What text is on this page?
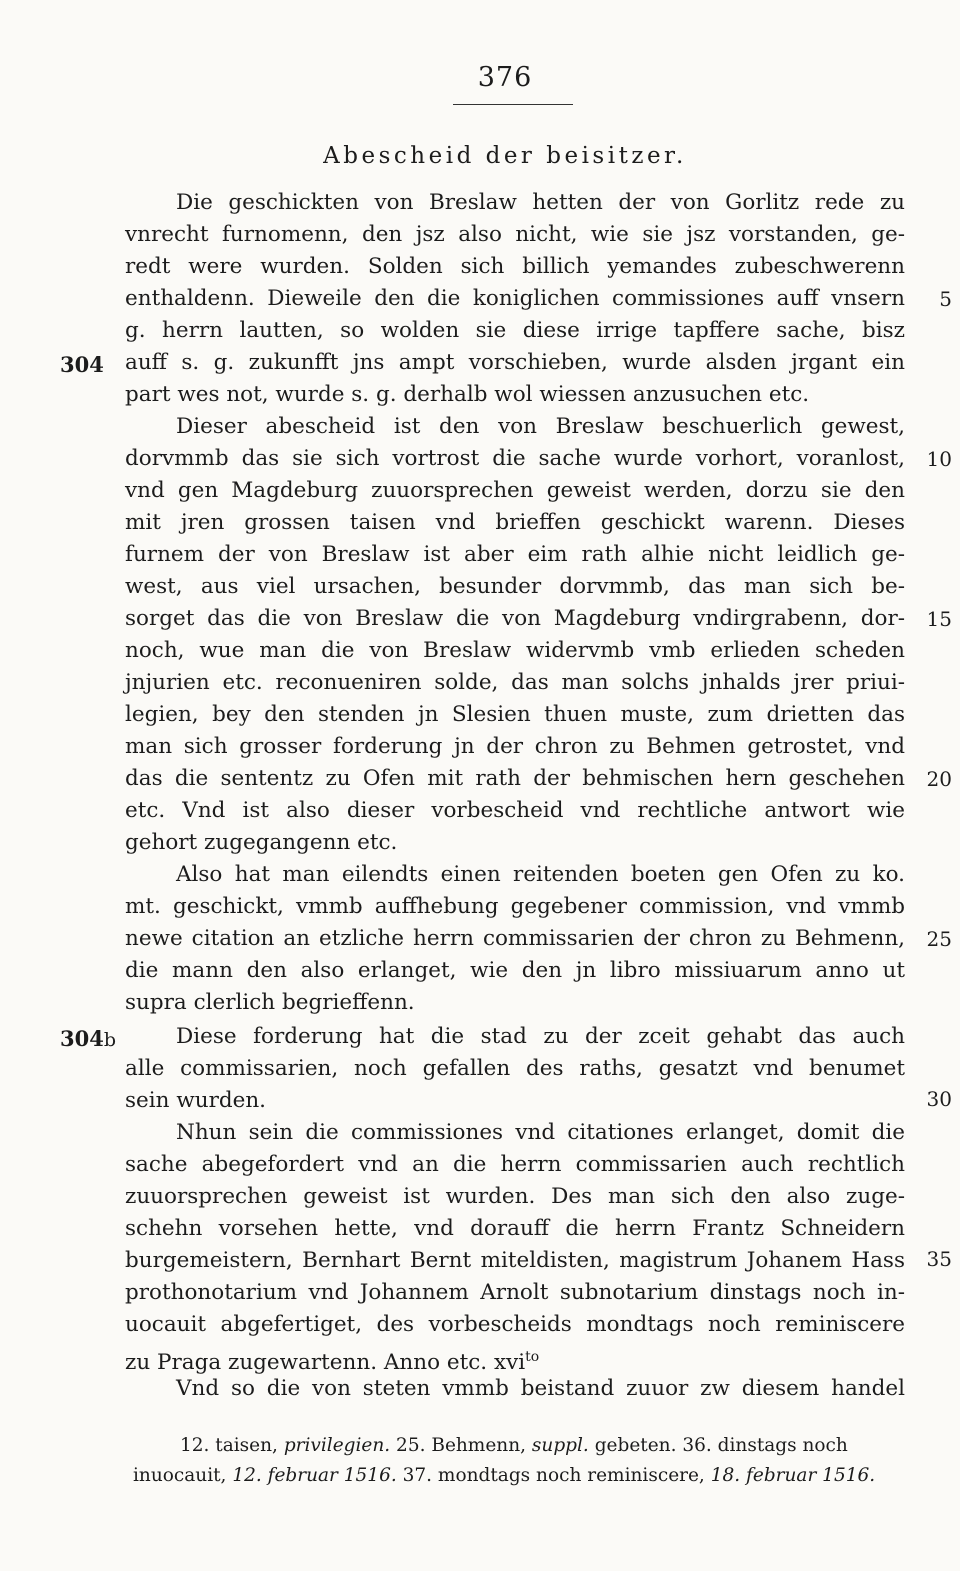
376
Abescheid der beisitzer.
Die geschickten von Breslaw hetten der von Gorlitz rede zu
vnrecht furnomenn, den jsz also nicht, wie sie jsz vorstanden, ge-
redt were wurden. Solden sich billich yemandes zubeschwerenn
enthaldenn. Dieweile den die koniglichen commissiones auff vnsern
g. herrn lautten, so wolden sie diese irrige tapffere sache, bisz
auff s. g. zukunfft jns ampt vorschieben, wurde alsden jrgant ein
part wes not, wurde s. g. derhalb wol wiessen anzusuchen etc.
Dieser abescheid ist den von Breslaw beschuerlich gewest,
dorvmmb das sie sich vortrost die sache wurde vorhort, voranlost,
vnd gen Magdeburg zuuorsprechen geweist werden, dorzu sie den
mit jren grossen taisen vnd brieffen geschickt warenn. Dieses
furnem der von Breslaw ist aber eim rath alhie nicht leidlich ge-
west, aus viel ursachen, besunder dorvmmb, das man sich be-
sorget das die von Breslaw die von Magdeburg vndirgrabenn, dor-
noch, wue man die von Breslaw widervmb vmb erlieden scheden
jnjurien etc. reconueniren solde, das man solchs jnhalds jrer priui-
legien, bey den stenden jn Slesien thuen muste, zum drietten das
man sich grosser forderung jn der chron zu Behmen getrostet, vnd
das die sententz zu Ofen mit rath der behmischen hern geschehen
etc. Vnd ist also dieser vorbescheid vnd rechtliche antwort wie
gehort zugegangenn etc.
Also hat man eilendts einen reitenden boeten gen Ofen zu ko.
mt. geschickt, vmmb auffhebung gegebener commission, vnd vmmb
newe citation an etzliche herrn commissarien der chron zu Behmenn,
die mann den also erlanget, wie den jn libro missiuarum anno ut
supra clerlich begrieffenn.
Diese forderung hat die stad zu der zceit gehabt das auch
alle commissarien, noch gefallen des raths, gesatzt vnd benumet
sein wurden.
Nhun sein die commissiones vnd citationes erlanget, domit die
sache abegefordert vnd an die herrn commissarien auch rechtlich
zuuorsprechen geweist ist wurden. Des man sich den also zuge-
schehn vorsehen hette, vnd dorauff die herrn Frantz Schneidern
burgemeistern, Bernhart Bernt miteldisten, magistrum Johanem Hass
prothonotarium vnd Johannem Arnolt subnotarium dinstags noch in-
uocauit abgefertiget, des vorbescheids mondtags noch reminiscere
zu Praga zugewartenn. Anno etc. xvi$^{to}$
Vnd so die von steten vmmb beistand zuuor zw diesem handel
5
10
15
20
25
30
35
304
304b
12. taisen, privilegien. 25. Behmenn, suppl. gebeten. 36. dinstags noch
inuocauit, 12. februar 1516. 37. mondtags noch reminiscere, 18. februar 1516.
